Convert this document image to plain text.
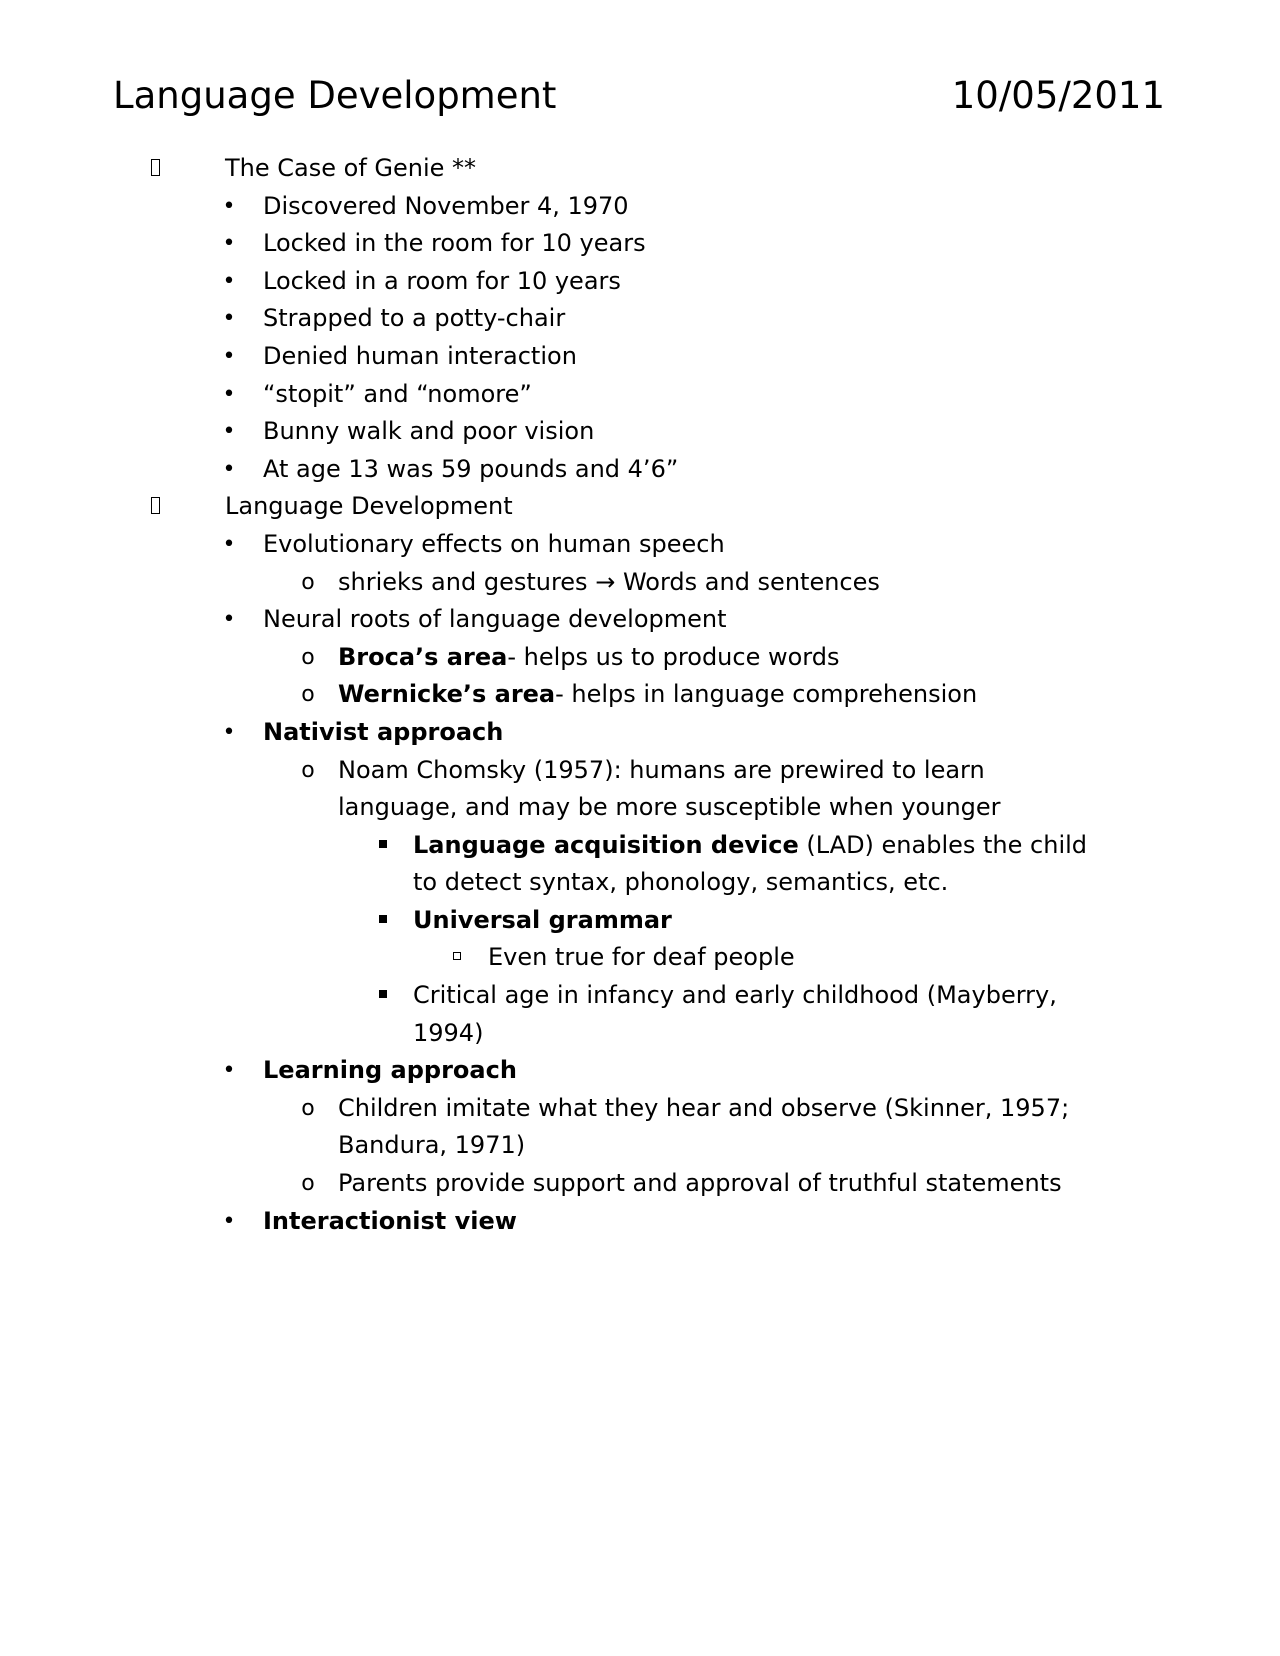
Language Development	10/05/2011
The Case of Genie **
• Discovered November 4, 1970
• Locked in the room for 10 years
• Locked in a room for 10 years
• Strapped to a potty-chair
• Denied human interaction
• “stopit” and “nomore”
• Bunny walk and poor vision
• At age 13 was 59 pounds and 4’6”
Language Development
• Evolutionary effects on human speech
o shrieks and gestures → Words and sentences
• Neural roots of language development
o Broca’s area- helps us to produce words
o Wernicke’s area- helps in language comprehension
• Nativist approach
o Noam Chomsky (1957): humans are prewired to learn
language, and may be more susceptible when younger
Language acquisition device (LAD) enables the child
to detect syntax, phonology, semantics, etc.
Universal grammar
Even true for deaf people
Critical age in infancy and early childhood (Mayberry,
1994)
• Learning approach
o Children imitate what they hear and observe (Skinner, 1957;
Bandura, 1971)
o Parents provide support and approval of truthful statements
• Interactionist view
